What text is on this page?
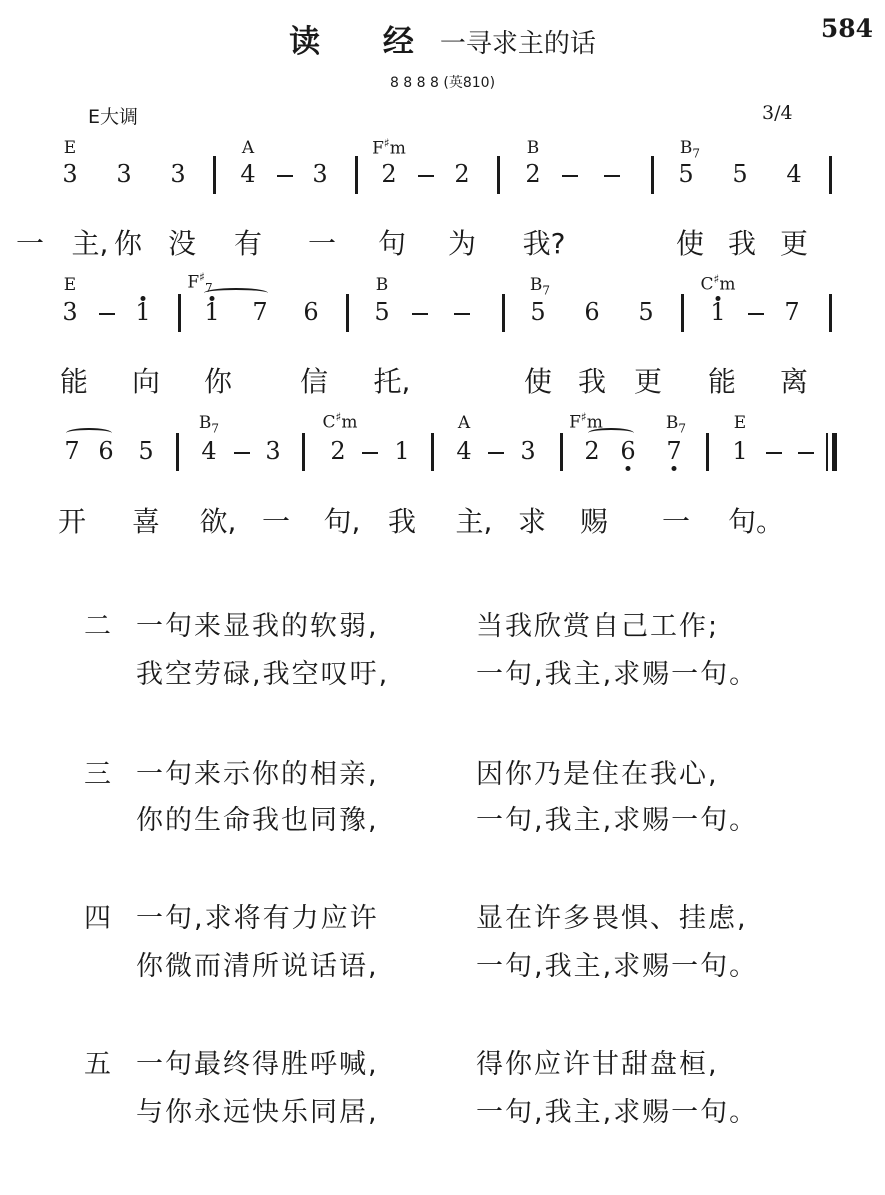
读 经一寻求主的话
584
8 8 8 8 (英810)
E大调	3/4
E	A	F♯m	B	$B_7$
3 3 3 4 3 2 2 2	5 5 4
一 主, 你 没 有 一 句 为 我?	使 我 更
E	$F^♯_7$	B	$B_7$	C♯m
3 1 1 7 6 5	5 6 5 1 7
能 向 你 信 托,	使 我 更 能 离
$B_7$	C♯m	A	F♯m	$B_7$	E
7 6 5 4 3 2 1 4 3 2 6 7 1
开 喜 欲, 一 句, 我 主, 求 赐 一 句。
二 一句来显我的软弱,	当我欣赏自己工作;
我空劳碌,我空叹吁,	一句,我主,求赐一句。
三 一句来示你的相亲,	因你乃是住在我心,
你的生命我也同豫,	一句,我主,求赐一句。
四 一句,求将有力应许	显在许多畏惧、挂虑,
你微而清所说话语,	一句,我主,求赐一句。
五 一句最终得胜呼喊,	得你应许甘甜盘桓,
与你永远快乐同居,	一句,我主,求赐一句。
